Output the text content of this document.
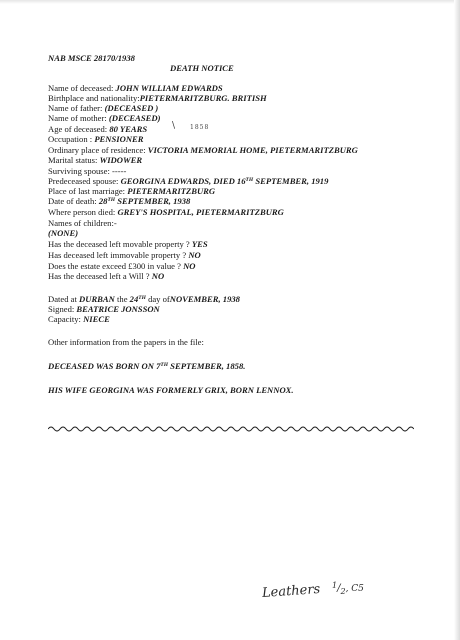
NAB MSCE 28170/1938
DEATH NOTICE
Name of deceased: JOHN WILLIAM EDWARDS
Birthplace and nationality:PIETERMARITZBURG. BRITISH
Name of father: (DECEASED )
Name of mother: (DECEASED)
Age of deceased: 80 YEARS	\ 1858
Occupation : PENSIONER
Ordinary place of residence: VICTORIA MEMORIAL HOME, PIETERMARITZBURG
Marital status: WIDOWER
Surviving spouse: -----
Predeceased spouse: GEORGINA EDWARDS, DIED 16TH SEPTEMBER, 1919
Place of last marriage: PIETERMARITZBURG
Date of death: 28TH SEPTEMBER, 1938
Where person died: GREY'S HOSPITAL, PIETERMARITZBURG
Names of children:-
(NONE)
Has the deceased left movable property ? YES
Has deceased left immovable property ? NO
Does the estate exceed £300 in value ? NO
Has the deceased left a Will ? NO
Dated at DURBAN the 24TH day ofNOVEMBER, 1938
Signed: BEATRICE JONSSON
Capacity: NIECE
Other information from the papers in the file:
DECEASED WAS BORN ON 7TH SEPTEMBER, 1858.
HIS WIFE GEORGINA WAS FORMERLY GRIX, BORN LENNOX.
Leathers $^1/_2$, C5
